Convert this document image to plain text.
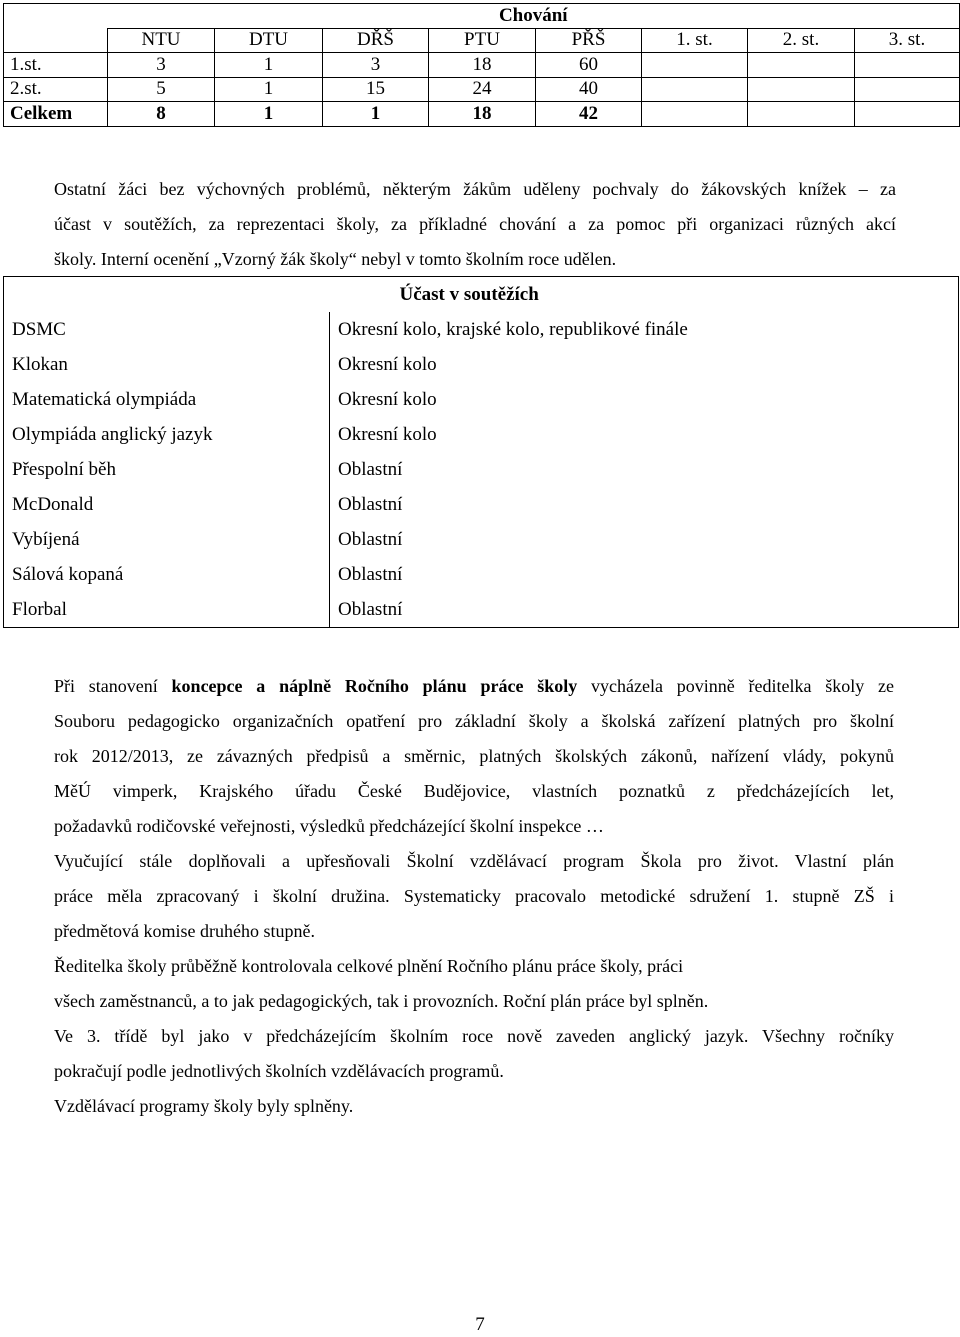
	Chování							
	NTU	DTU	DŘŠ	PTU	PŘŠ	1. st.	2. st.	3. st.
1.st.	3	1	3	18	60			
2.st.	5	1	15	24	40			
Celkem	8	1	1	18	42			
Ostatní žáci bez výchovných problémů, některým žákům uděleny pochvaly do žákovských knížek – za
účast v soutěžích, za reprezentaci školy, za příkladné chování a za pomoc při organizaci různých akcí
školy. Interní ocenění „Vzorný žák školy“ nebyl v tomto školním roce udělen.
	Účast v soutěžích
DSMC	Okresní kolo, krajské kolo, republikové finále
Klokan	Okresní kolo
Matematická olympiáda	Okresní kolo
Olympiáda anglický jazyk	Okresní kolo
Přespolní běh	Oblastní
McDonald	Oblastní
Vybíjená	Oblastní
Sálová kopaná	Oblastní
Florbal	Oblastní
Při stanovení koncepce a náplně Ročního plánu práce školy vycházela povinně ředitelka školy ze
Souboru pedagogicko organizačních opatření pro základní školy a školská zařízení platných pro školní
rok 2012/2013, ze závazných předpisů a směrnic, platných školských zákonů, nařízení vlády, pokynů
MěÚ vimperk, Krajského úřadu České Budějovice, vlastních poznatků z předcházejících let,
požadavků rodičovské veřejnosti, výsledků předcházející školní inspekce …
Vyučující stále doplňovali a upřesňovali Školní vzdělávací program Škola pro život. Vlastní plán
práce měla zpracovaný i školní družina. Systematicky pracovalo metodické sdružení 1. stupně ZŠ i
předmětová komise druhého stupně.
Ředitelka školy průběžně kontrolovala celkové plnění Ročního plánu práce školy, práci
všech zaměstnanců, a to jak pedagogických, tak i provozních. Roční plán práce byl splněn.
Ve 3. třídě byl jako v předcházejícím školním roce nově zaveden anglický jazyk. Všechny ročníky
pokračují podle jednotlivých školních vzdělávacích programů.
Vzdělávací programy školy byly splněny.
7
